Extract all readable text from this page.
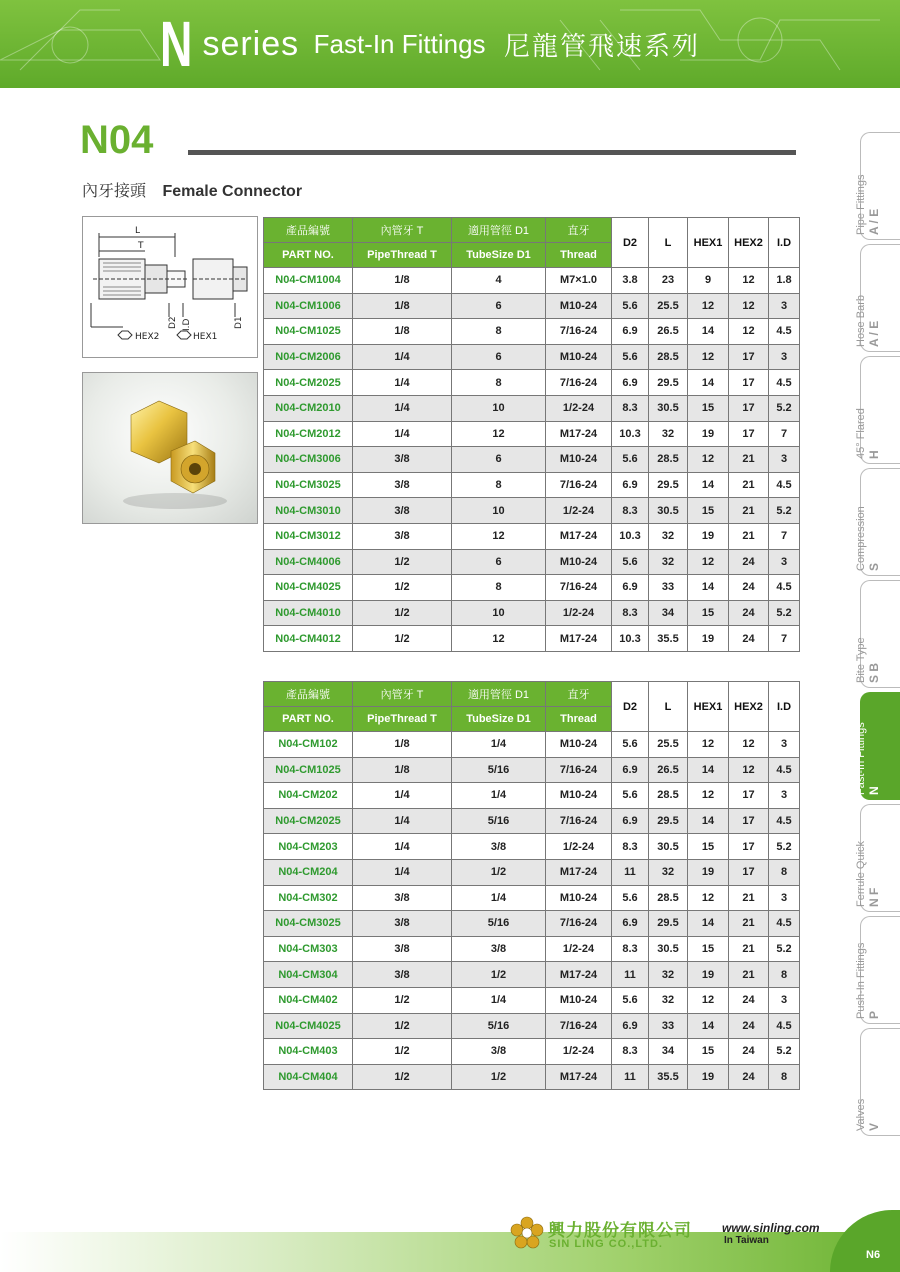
N series Fast-In Fittings 尼龍管飛速系列
N04
內牙接頭 Female Connector
L
T
HEX2	HEX1
D2 I.D	D1
產品編號	內管牙 T	適用管徑 D1	直牙	D2	L	HEX1	HEX2	I.D
PART NO.	PipeThread T	TubeSize D1	Thread					
N04-CM1004	1/8	4	M7×1.0	3.8	23	9	12	1.8
N04-CM1006	1/8	6	M10-24	5.6	25.5	12	12	3
N04-CM1025	1/8	8	7/16-24	6.9	26.5	14	12	4.5
N04-CM2006	1/4	6	M10-24	5.6	28.5	12	17	3
N04-CM2025	1/4	8	7/16-24	6.9	29.5	14	17	4.5
N04-CM2010	1/4	10	1/2-24	8.3	30.5	15	17	5.2
N04-CM2012	1/4	12	M17-24	10.3	32	19	17	7
N04-CM3006	3/8	6	M10-24	5.6	28.5	12	21	3
N04-CM3025	3/8	8	7/16-24	6.9	29.5	14	21	4.5
N04-CM3010	3/8	10	1/2-24	8.3	30.5	15	21	5.2
N04-CM3012	3/8	12	M17-24	10.3	32	19	21	7
N04-CM4006	1/2	6	M10-24	5.6	32	12	24	3
N04-CM4025	1/2	8	7/16-24	6.9	33	14	24	4.5
N04-CM4010	1/2	10	1/2-24	8.3	34	15	24	5.2
N04-CM4012	1/2	12	M17-24	10.3	35.5	19	24	7
產品編號	內管牙 T	適用管徑 D1	直牙	D2	L	HEX1	HEX2	I.D
PART NO.	PipeThread T	TubeSize D1	Thread					
N04-CM102	1/8	1/4	M10-24	5.6	25.5	12	12	3
N04-CM1025	1/8	5/16	7/16-24	6.9	26.5	14	12	4.5
N04-CM202	1/4	1/4	M10-24	5.6	28.5	12	17	3
N04-CM2025	1/4	5/16	7/16-24	6.9	29.5	14	17	4.5
N04-CM203	1/4	3/8	1/2-24	8.3	30.5	15	17	5.2
N04-CM204	1/4	1/2	M17-24	11	32	19	17	8
N04-CM302	3/8	1/4	M10-24	5.6	28.5	12	21	3
N04-CM3025	3/8	5/16	7/16-24	6.9	29.5	14	21	4.5
N04-CM303	3/8	3/8	1/2-24	8.3	30.5	15	21	5.2
N04-CM304	3/8	1/2	M17-24	11	32	19	21	8
N04-CM402	1/2	1/4	M10-24	5.6	32	12	24	3
N04-CM4025	1/2	5/16	7/16-24	6.9	33	14	24	4.5
N04-CM403	1/2	3/8	1/2-24	8.3	34	15	24	5.2
N04-CM404	1/2	1/2	M17-24	11	35.5	19	24	8
Pipe Fittings A / E
Hose Barb A / E
45° Flared H
Compression S
Bite Type S B
Fast-In Fittings N
Ferrule Quick N F
Push-In Fittings P
Valves V
N6
興力股份有限公司
SIN LING CO.,LTD.
www.sinling.com
In Taiwan
